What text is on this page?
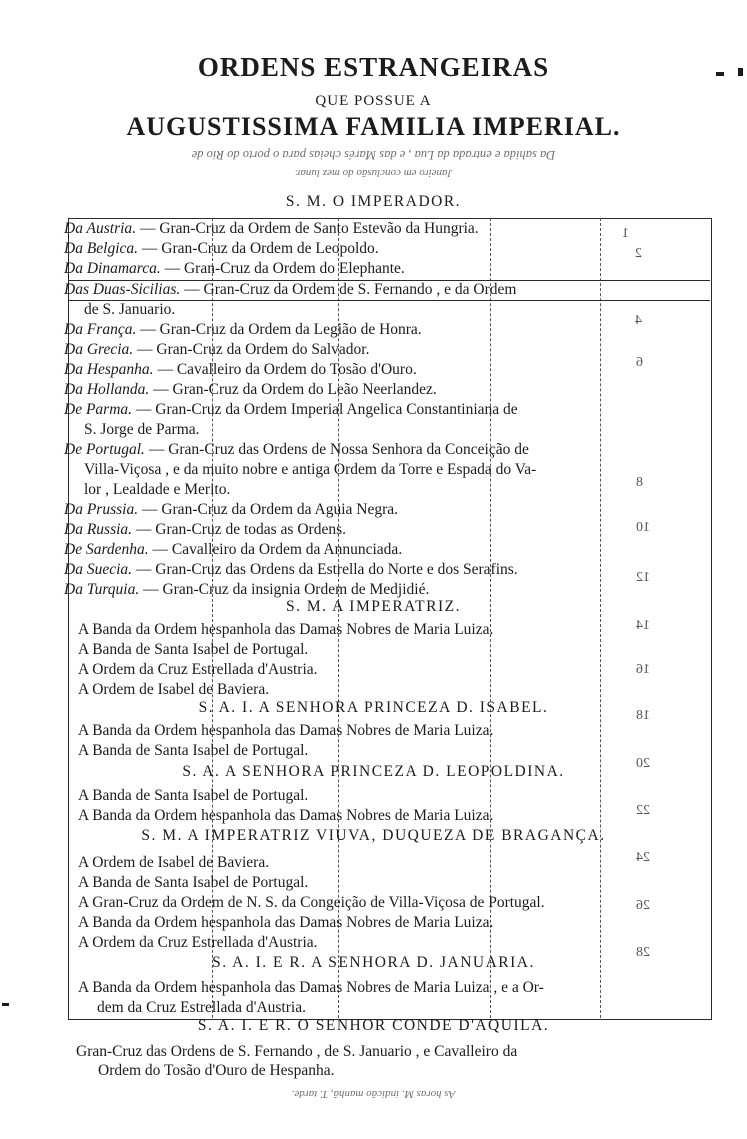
ORDENS ESTRANGEIRAS
QUE POSSUE A
AUGUSTISSIMA FAMILIA IMPERIAL.
Da sahida e entrada da Lua , e das Marés cheias para o porto do Rio de
Janeiro em conclusão do mez lunar.
S. M. O IMPERADOR.
1
2
4
6
8
10
12
14
16
18
20
22
24
26
28
Da Austria. — Gran-Cruz da Ordem de Santo Estevão da Hungria.
Da Belgica. — Gran-Cruz da Ordem de Leopoldo.
Da Dinamarca. — Gran-Cruz da Ordem do Elephante.
Das Duas-Sicilias. — Gran-Cruz da Ordem de S. Fernando , e da Ordem
de S. Januario.
Da França. — Gran-Cruz da Ordem da Legião de Honra.
Da Grecia. — Gran-Cruz da Ordem do Salvador.
Da Hespanha. — Cavalleiro da Ordem do Tosão d'Ouro.
Da Hollanda. — Gran-Cruz da Ordem do Leão Neerlandez.
De Parma. — Gran-Cruz da Ordem Imperial Angelica Constantiniana de
S. Jorge de Parma.
De Portugal. — Gran-Cruz das Ordens de Nossa Senhora da Conceição de
Villa-Viçosa , e da muito nobre e antiga Ordem da Torre e Espada do Va-
lor , Lealdade e Merito.
Da Prussia. — Gran-Cruz da Ordem da Aguia Negra.
Da Russia. — Gran-Cruz de todas as Ordens.
De Sardenha. — Cavalleiro da Ordem da Annunciada.
Da Suecia. — Gran-Cruz das Ordens da Estrella do Norte e dos Serafins.
Da Turquia. — Gran-Cruz da insignia Ordem de Medjidié.
S. M. A IMPERATRIZ.
A Banda da Ordem hespanhola das Damas Nobres de Maria Luiza.
A Banda de Santa Isabel de Portugal.
A Ordem da Cruz Estrellada d'Austria.
A Ordem de Isabel de Baviera.
S. A. I. A SENHORA PRINCEZA D. ISABEL.
A Banda da Ordem hespanhola das Damas Nobres de Maria Luiza.
A Banda de Santa Isabel de Portugal.
S. A. A SENHORA PRINCEZA D. LEOPOLDINA.
A Banda de Santa Isabel de Portugal.
A Banda da Ordem hespanhola das Damas Nobres de Maria Luiza.
S. M. A IMPERATRIZ VIUVA, DUQUEZA DE BRAGANÇA.
A Ordem de Isabel de Baviera.
A Banda de Santa Isabel de Portugal.
A Gran-Cruz da Ordem de N. S. da Congeição de Villa-Viçosa de Portugal.
A Banda da Ordem hespanhola das Damas Nobres de Maria Luiza.
A Ordem da Cruz Estrellada d'Austria.
S. A. I. E R. A SENHORA D. JANUARIA.
A Banda da Ordem hespanhola das Damas Nobres de Maria Luiza , e a Or-
dem da Cruz Estrellada d'Austria.
S. A. I. E R. O SENHOR CONDE D'AQUILA.
Gran-Cruz das Ordens de S. Fernando , de S. Januario , e Cavalleiro da
Ordem do Tosão d'Ouro de Hespanha.
As horas M. indicão manhã, T. tarde.
